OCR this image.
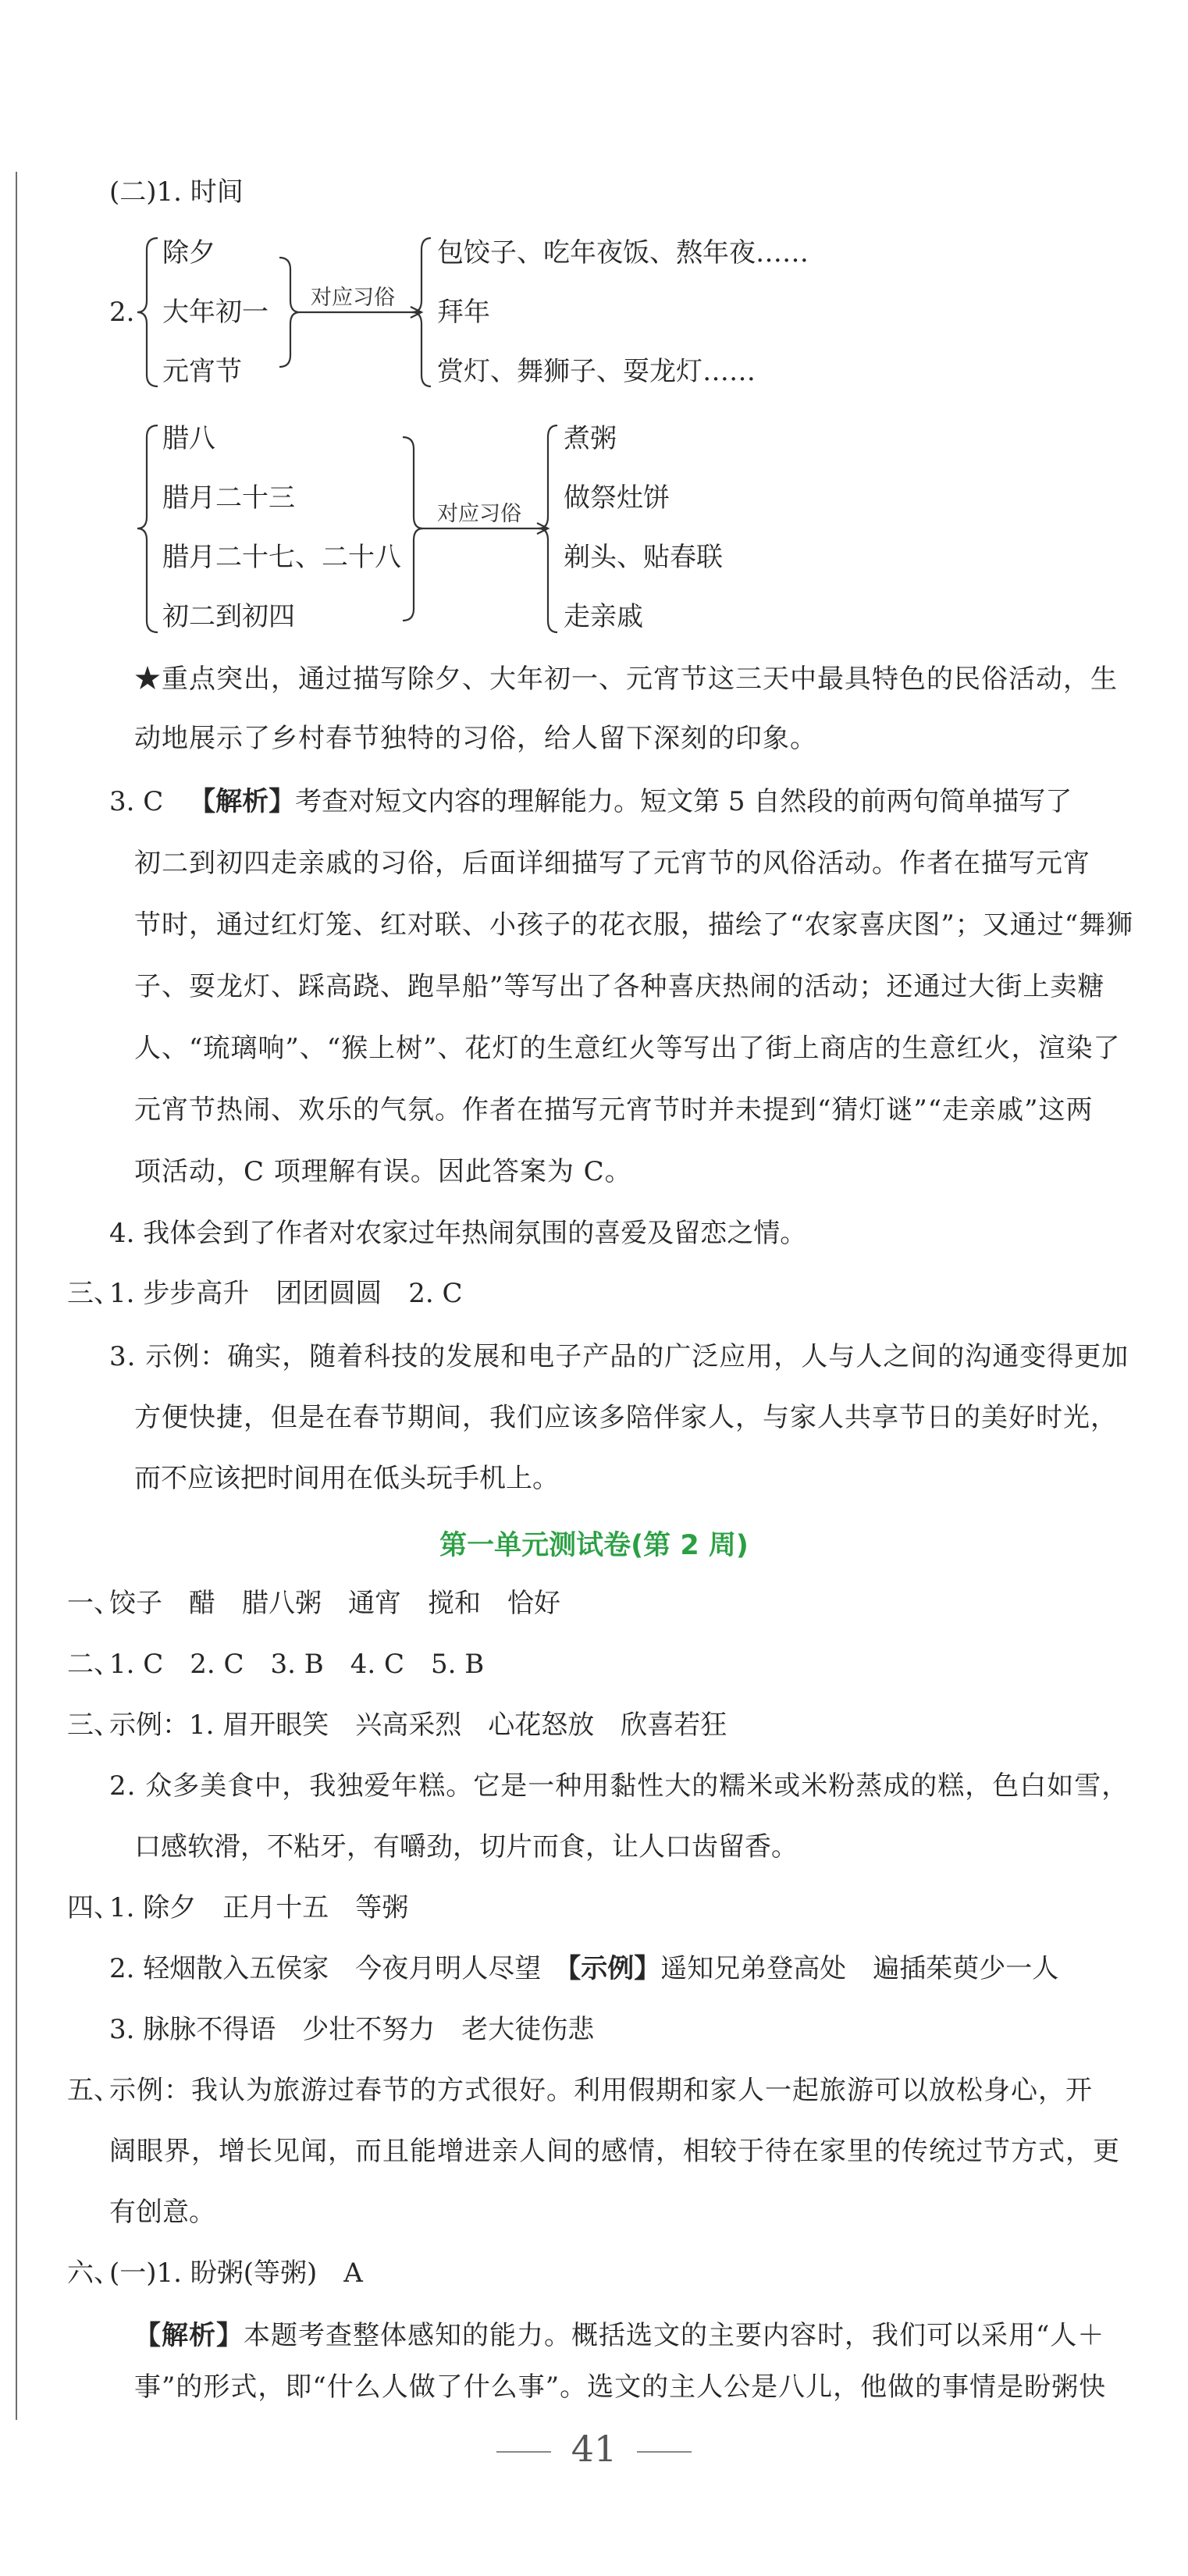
(二)1. 时间
2.
除夕
大年初一
元宵节
包饺子、吃年夜饭、熬年夜……
拜年
赏灯、舞狮子、耍龙灯……
腊八
腊月二十三
腊月二十七、二十八
初二到初四
煮粥
做祭灶饼
剃头、贴春联
走亲戚
对应习俗
对应习俗
★重点突出，通过描写除夕、大年初一、元宵节这三天中最具特色的民俗活动，生
动地展示了乡村春节独特的习俗，给人留下深刻的印象。
3. C 【解析】考查对短文内容的理解能力。短文第 5 自然段的前两句简单描写了
初二到初四走亲戚的习俗，后面详细描写了元宵节的风俗活动。作者在描写元宵
节时，通过红灯笼、红对联、小孩子的花衣服，描绘了“农家喜庆图”；又通过“舞狮
子、耍龙灯、踩高跷、跑旱船”等写出了各种喜庆热闹的活动；还通过大街上卖糖
人、“琉璃响”、“猴上树”、花灯的生意红火等写出了街上商店的生意红火，渲染了
元宵节热闹、欢乐的气氛。作者在描写元宵节时并未提到“猜灯谜”“走亲戚”这两
项活动，C 项理解有误。因此答案为 C。
4. 我体会到了作者对农家过年热闹氛围的喜爱及留恋之情。
三、
1. 步步高升　团团圆圆　2. C
3. 示例：确实，随着科技的发展和电子产品的广泛应用，人与人之间的沟通变得更加
方便快捷，但是在春节期间，我们应该多陪伴家人，与家人共享节日的美好时光，
而不应该把时间用在低头玩手机上。
第一单元测试卷(第 2 周)
一、
饺子　醋　腊八粥　通宵　搅和　恰好
二、
1. C　2. C　3. B　4. C　5. B
三、
示例：1. 眉开眼笑　兴高采烈　心花怒放　欣喜若狂
2. 众多美食中，我独爱年糕。它是一种用黏性大的糯米或米粉蒸成的糕，色白如雪，
口感软滑，不粘牙，有嚼劲，切片而食，让人口齿留香。
四、
1. 除夕　正月十五　等粥
2. 轻烟散入五侯家　今夜月明人尽望　【示例】遥知兄弟登高处　遍插茱萸少一人
3. 脉脉不得语　少壮不努力　老大徒伤悲
五、
示例：我认为旅游过春节的方式很好。利用假期和家人一起旅游可以放松身心，开
阔眼界，增长见闻，而且能增进亲人间的感情，相较于待在家里的传统过节方式，更
有创意。
六、
(一)1. 盼粥(等粥)　A
【解析】本题考查整体感知的能力。概括选文的主要内容时，我们可以采用“人＋
事”的形式，即“什么人做了什么事”。选文的主人公是八儿，他做的事情是盼粥快
41
